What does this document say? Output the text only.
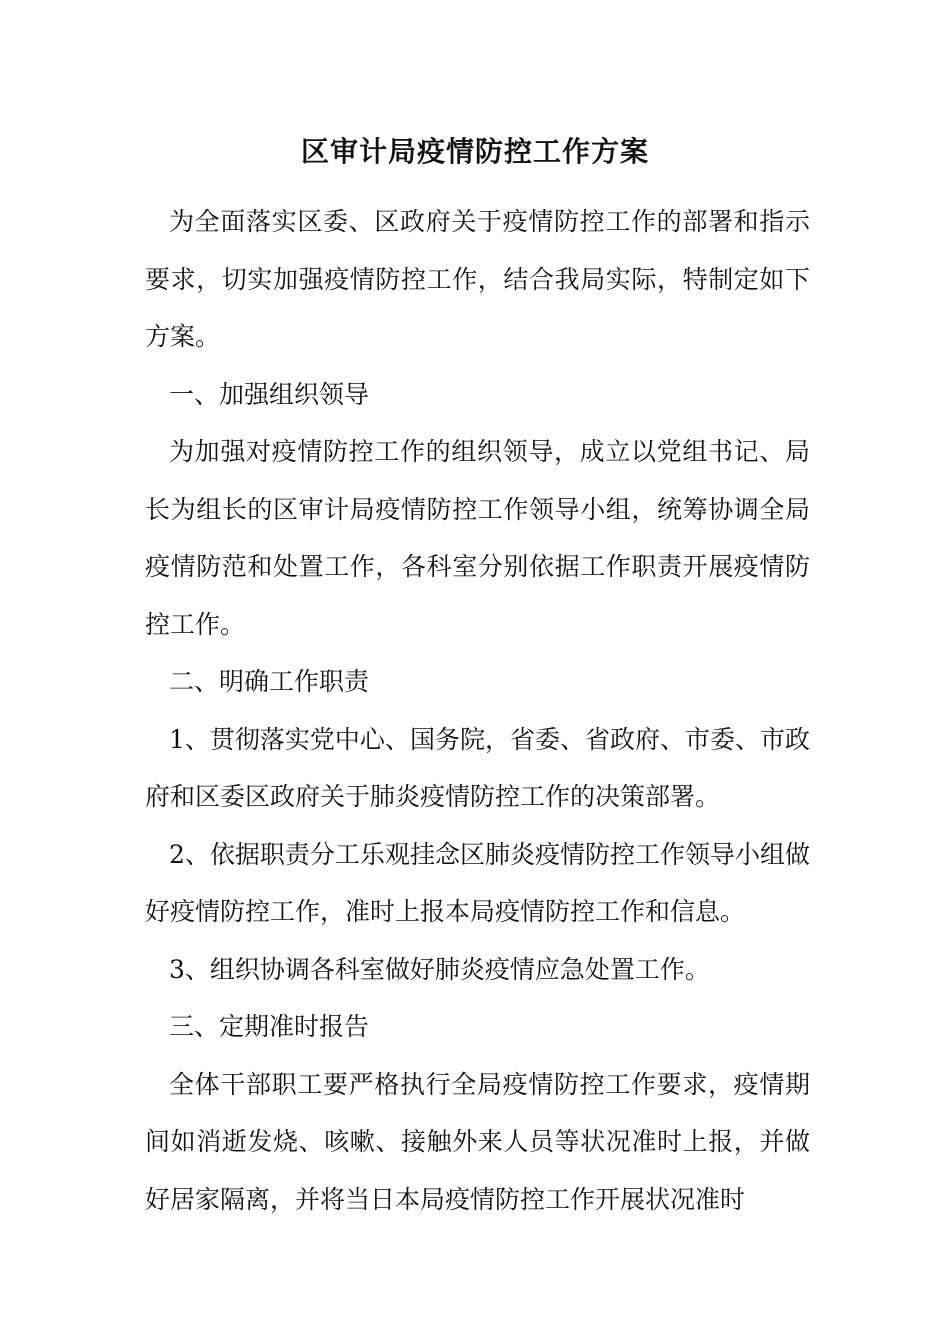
区审计局疫情防控工作方案

为全面落实区委、区政府关于疫情防控工作的部署和指示要求，切实加强疫情防控工作，结合我局实际，特制定如下方案。

一、加强组织领导

为加强对疫情防控工作的组织领导，成立以党组书记、局长为组长的区审计局疫情防控工作领导小组，统筹协调全局疫情防范和处置工作，各科室分别依据工作职责开展疫情防控工作。

二、明确工作职责

1、贯彻落实党中心、国务院，省委、省政府、市委、市政府和区委区政府关于肺炎疫情防控工作的决策部署。

2、依据职责分工乐观挂念区肺炎疫情防控工作领导小组做好疫情防控工作，准时上报本局疫情防控工作和信息。

3、组织协调各科室做好肺炎疫情应急处置工作。

三、定期准时报告

全体干部职工要严格执行全局疫情防控工作要求，疫情期间如消逝发烧、咳嗽、接触外来人员等状况准时上报，并做好居家隔离，并将当日本局疫情防控工作开展状况准时
